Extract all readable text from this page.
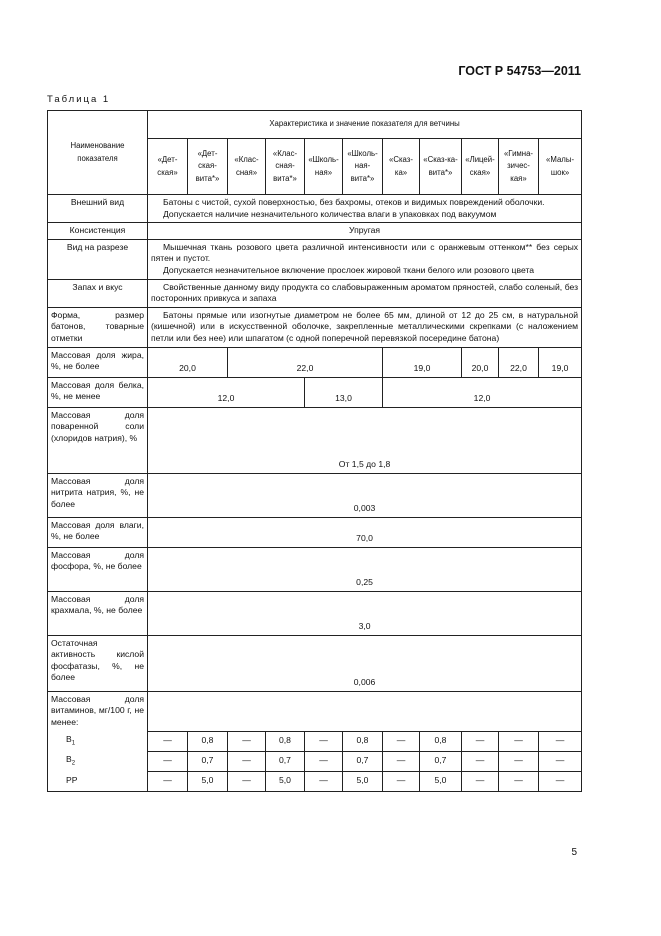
ГОСТ Р 54753—2011
Таблица 1
Наименование показателя	Характеристика и значение показателя для ветчины										
	«Дет-ская»	«Дет-ская-вита*»	«Клас-сная»	«Клас-сная-вита*»	«Школь-ная»	«Школь-ная-вита*»	«Сказ-ка»	«Сказ-ка-вита*»	«Лицей-ская»	«Гимна-зичес-кая»	«Малы-шок»
Внешний вид	Батоны с чистой, сухой поверхностью, без бахромы, отеков и видимых повреждений оболочки.
Допускается наличие незначительного количества влаги в упаковках под вакуумом										

Консистенция	Упругая										
Вид на разрезе	Мышечная ткань розового цвета различной интенсивности или с оранжевым оттенком** без серых пятен и пустот.
Допускается незначительное включение прослоек жировой ткани белого или розового цвета										

Запах и вкус	Свойственные данному виду продукта со слабовыраженным ароматом пряностей, слабо соленый, без посторонних привкуса и запаха										
Форма, размер батонов, товарные отметки	Батоны прямые или изогнутые диаметром не более 65 мм, длиной от 12 до 25 см, в натуральной (кишечной) или в искусственной оболочке, закрепленные металлическими скрепками (с наложением петли или без нее) или шпагатом (с одной поперечной перевязкой посередине батона)										
Массовая доля жира, %, не более	20,0		22,0				19,0		20,0	22,0	19,0
Массовая доля белка, %, не менее	12,0				13,0		12,0				
Массовая доля поваренной соли (хлоридов натрия), %	От 1,5 до 1,8										
Массовая доля нитрита натрия, %, не более	0,003										
Массовая доля влаги, %, не более	70,0										
Массовая доля фосфора, %, не более	0,25										
Массовая доля крахмала, %, не более	3,0										
Остаточная активность кислой фосфатазы, %, не более	0,006										
Массовая доля витаминов, мг/100 г, не менее:											
$B_1$	—	0,8	—	0,8	—	0,8	—	0,8	—	—	—
$B_2$	—	0,7	—	0,7	—	0,7	—	0,7	—	—	—
PP	—	5,0	—	5,0	—	5,0	—	5,0	—	—	—
5
